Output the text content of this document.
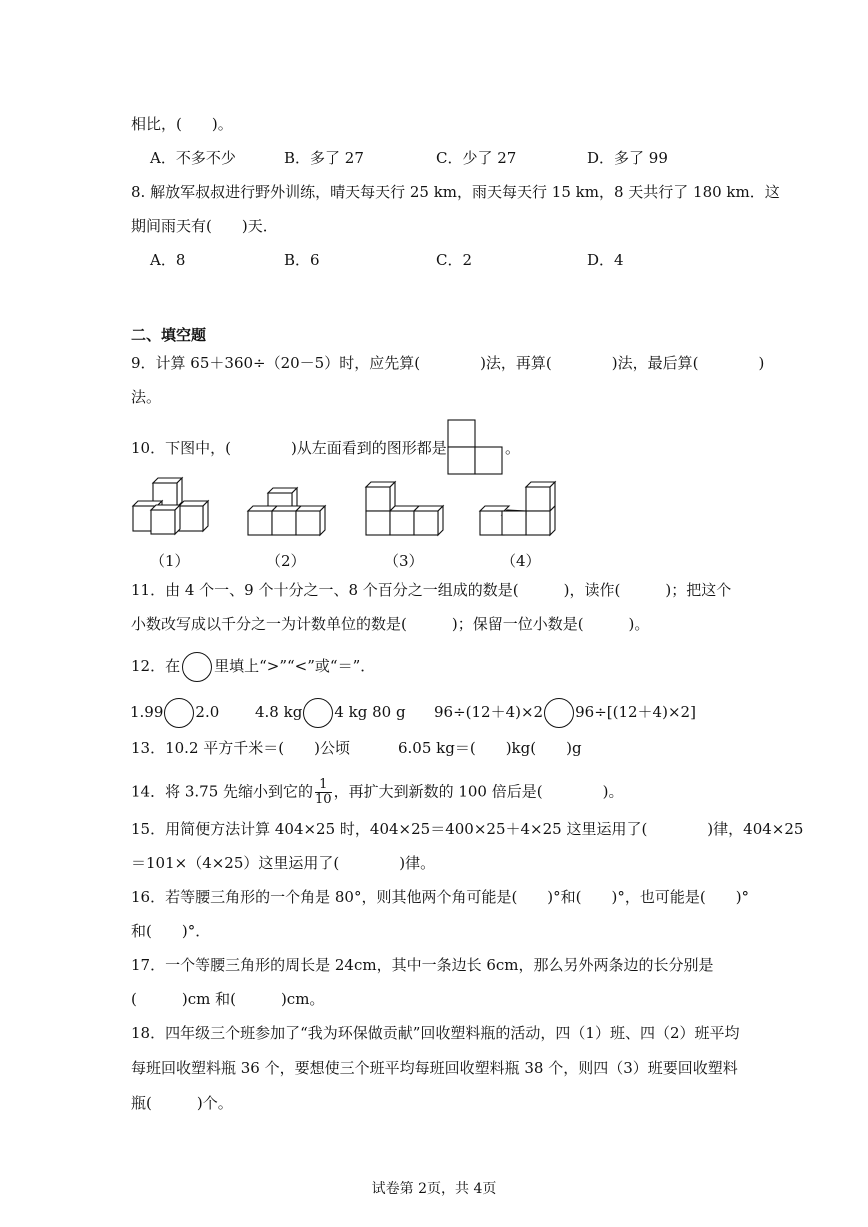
相比，(　　)。
A．不多不少	B．多了 27	C．少了 27	D．多了 99
8. 解放军叔叔进行野外训练，晴天每天行 25 km，雨天每天行 15 km，8 天共行了 180 km．这
期间雨天有(　　)天．
A．8	B．6	C．2	D．4
二、填空题
9．计算 65＋360÷（20－5）时，应先算(　　　　)法，再算(　　　　)法，最后算(　　　　)
法。
10．下图中，(　　　　)从左面看到的图形都是	。
（1）	（2）	（3）	（4）
11．由 4 个一、9 个十分之一、8 个百分之一组成的数是(　　　)，读作(　　　)；把这个
小数改写成以千分之一为计数单位的数是(　　　)；保留一位小数是(　　　)。
12．在 里填上“>”“<”或“＝”．
1.99 2.0 4.8 kg 4 kg 80 g 96÷(12＋4)×2 96÷[(12＋4)×2]
13．10.2 平方千米＝(　　)公顷	6.05 kg＝(　　)kg(　　)g
14．将 3.75 先缩小到它的 $\frac{1}{10}$ ，再扩大到新数的 100 倍后是(　　　　)。
15．用简便方法计算 404×25 时，404×25＝400×25＋4×25 这里运用了(　　　　)律，404×25
＝101×（4×25）这里运用了(　　　　)律。
16．若等腰三角形的一个角是 80°，则其他两个角可能是(　　)°和(　　)°，也可能是(　　)°
和(　　)°．
17．一个等腰三角形的周长是 24cm，其中一条边长 6cm，那么另外两条边的长分别是
(　　　)cm 和(　　　)cm。
18．四年级三个班参加了“我为环保做贡献”回收塑料瓶的活动，四（1）班、四（2）班平均
每班回收塑料瓶 36 个，要想使三个班平均每班回收塑料瓶 38 个，则四（3）班要回收塑料
瓶(　　　)个。
试卷第 2页，共 4页
